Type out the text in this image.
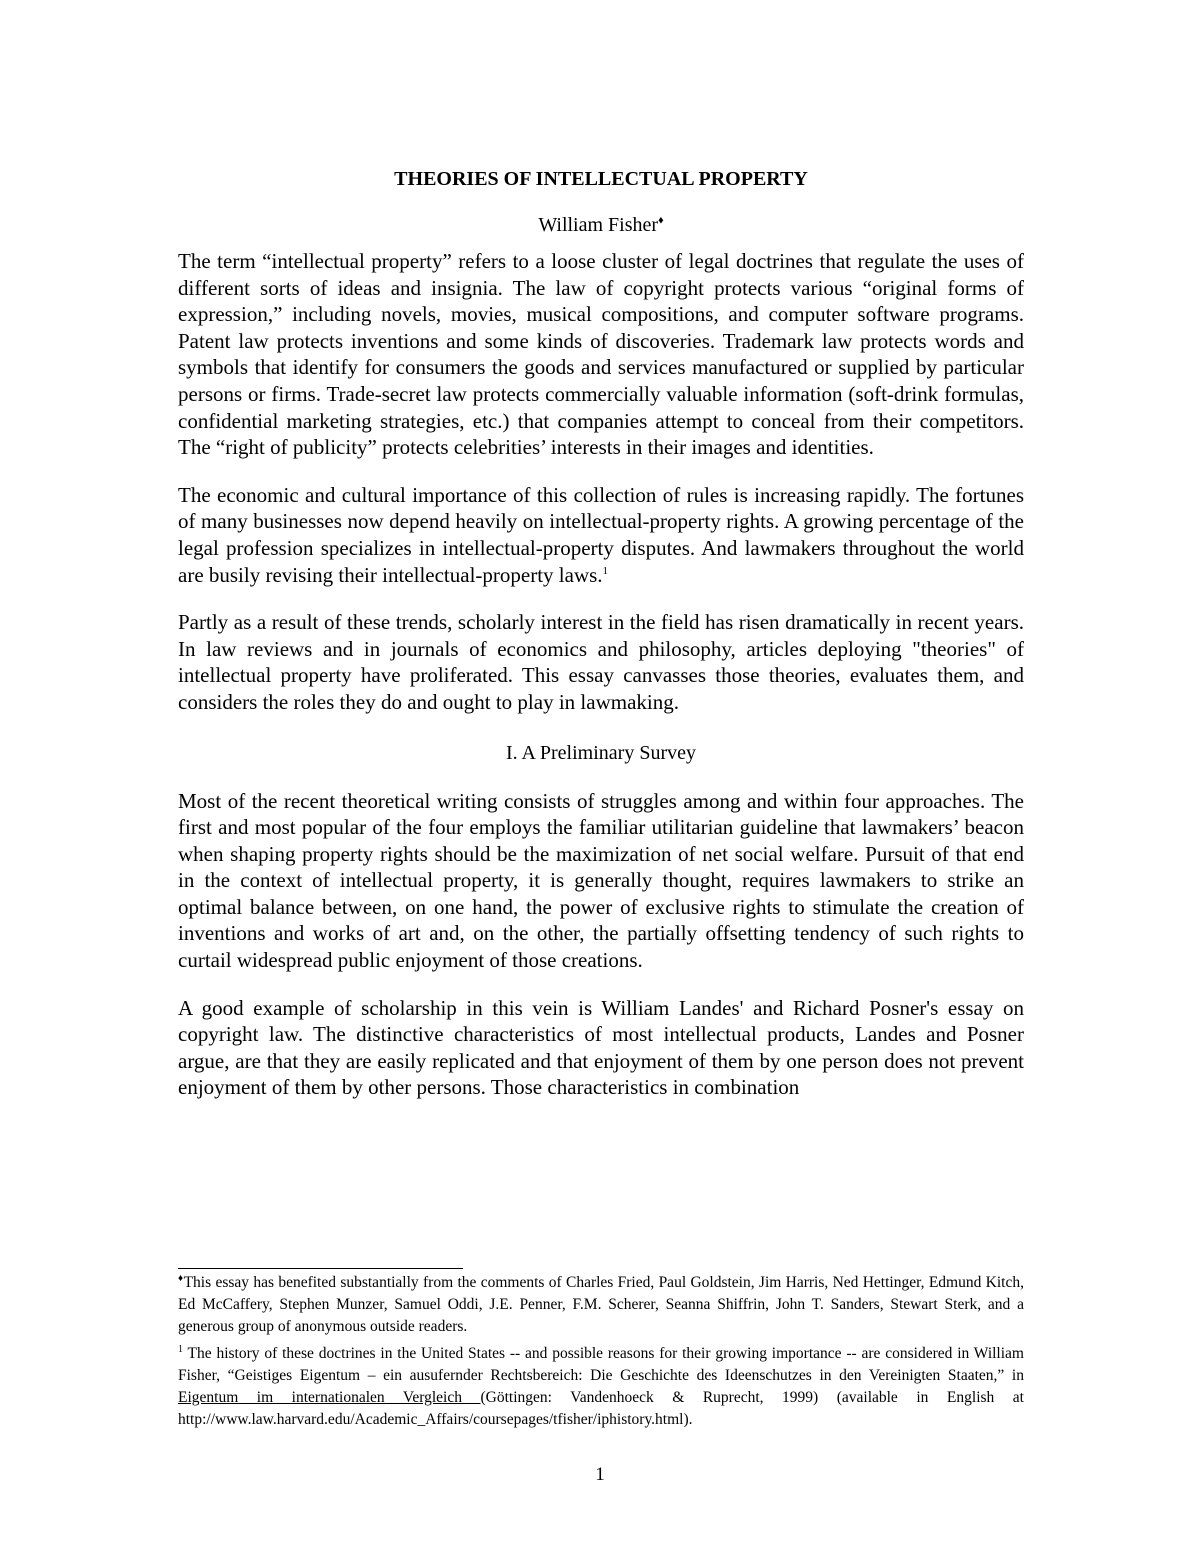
THEORIES OF INTELLECTUAL PROPERTY
William Fisher♦

The term “intellectual property” refers to a loose cluster of legal doctrines that regulate the uses of different sorts of ideas and insignia. The law of copyright protects various “original forms of expression,” including novels, movies, musical compositions, and computer software programs. Patent law protects inventions and some kinds of discoveries. Trademark law protects words and symbols that identify for consumers the goods and services manufactured or supplied by particular persons or firms. Trade-secret law protects commercially valuable information (soft-drink formulas, confidential marketing strategies, etc.) that companies attempt to conceal from their competitors. The “right of publicity” protects celebrities’ interests in their images and identities.

The economic and cultural importance of this collection of rules is increasing rapidly. The fortunes of many businesses now depend heavily on intellectual-property rights. A growing percentage of the legal profession specializes in intellectual-property disputes. And lawmakers throughout the world are busily revising their intellectual-property laws.$^1$

Partly as a result of these trends, scholarly interest in the field has risen dramatically in recent years. In law reviews and in journals of economics and philosophy, articles deploying "theories" of intellectual property have proliferated. This essay canvasses those theories, evaluates them, and considers the roles they do and ought to play in lawmaking.

I. A Preliminary Survey

Most of the recent theoretical writing consists of struggles among and within four approaches. The first and most popular of the four employs the familiar utilitarian guideline that lawmakers’ beacon when shaping property rights should be the maximization of net social welfare. Pursuit of that end in the context of intellectual property, it is generally thought, requires lawmakers to strike an optimal balance between, on one hand, the power of exclusive rights to stimulate the creation of inventions and works of art and, on the other, the partially offsetting tendency of such rights to curtail widespread public enjoyment of those creations.

A good example of scholarship in this vein is William Landes' and Richard Posner's essay on copyright law. The distinctive characteristics of most intellectual products, Landes and Posner argue, are that they are easily replicated and that enjoyment of them by one person does not prevent enjoyment of them by other persons. Those characteristics in combination

♦This essay has benefited substantially from the comments of Charles Fried, Paul Goldstein, Jim Harris, Ned Hettinger, Edmund Kitch, Ed McCaffery, Stephen Munzer, Samuel Oddi, J.E. Penner, F.M. Scherer, Seanna Shiffrin, John T. Sanders, Stewart Sterk, and a generous group of anonymous outside readers.

$^1$ The history of these doctrines in the United States -- and possible reasons for their growing importance -- are considered in William Fisher, “Geistiges Eigentum – ein ausufernder Rechtsbereich: Die Geschichte des Ideenschutzes in den Vereinigten Staaten,” in Eigentum im internationalen Vergleich (Göttingen: Vandenhoeck & Ruprecht, 1999) (available in English at http://www.law.harvard.edu/Academic_Affairs/coursepages/tfisher/iphistory.html).

1
